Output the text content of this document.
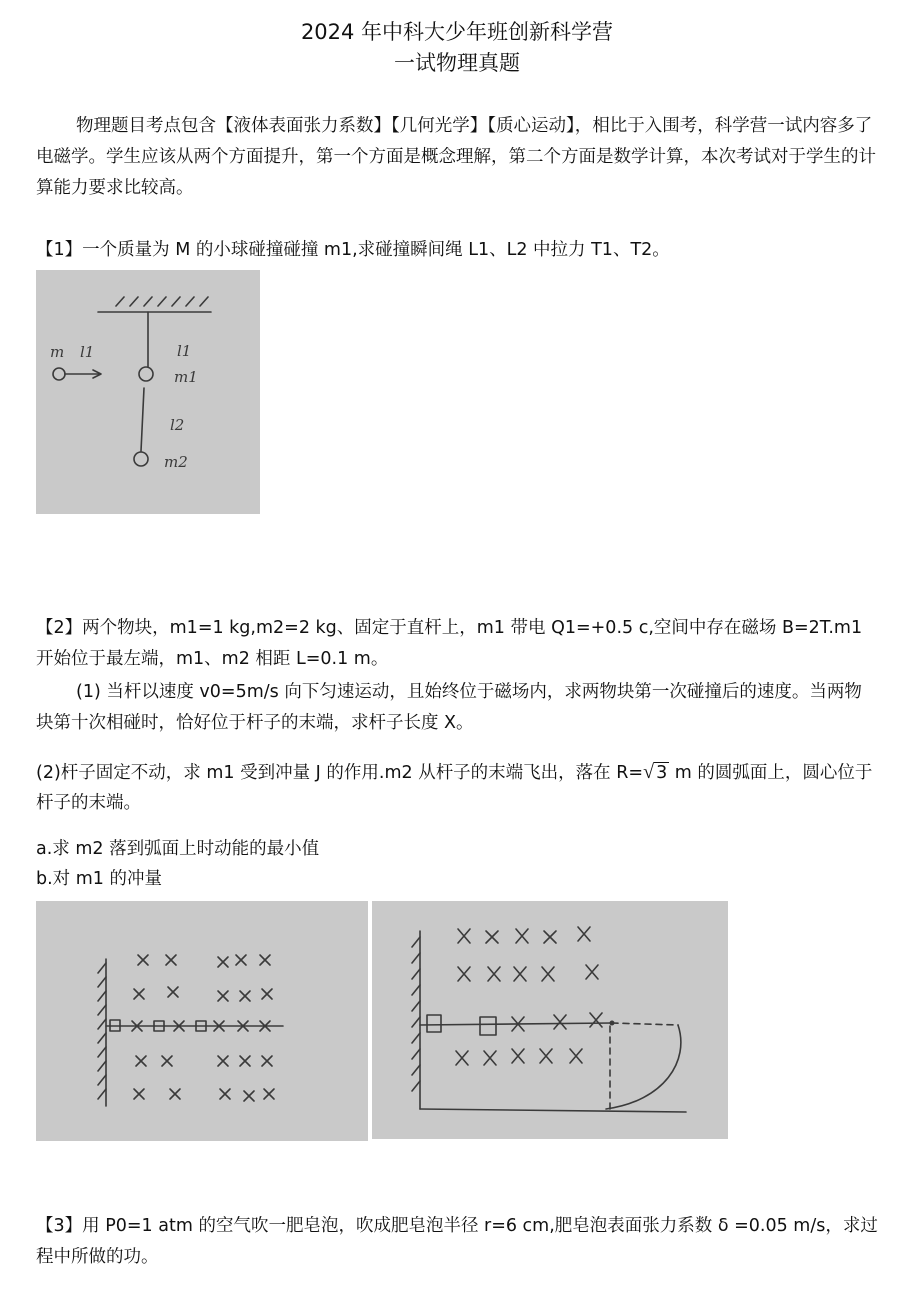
2024 年中科大少年班创新科学营
一试物理真题

物理题目考点包含【液体表面张力系数】【几何光学】【质心运动】，相比于入围考，科学营一试内容多了电磁学。学生应该从两个方面提升，第一个方面是概念理解，第二个方面是数学计算，本次考试对于学生的计算能力要求比较高。

【1】一个质量为 M 的小球碰撞碰撞 m1,求碰撞瞬间绳 L1、L2 中拉力 T1、T2。

m l1	l1
m1
l2
m2

【2】两个物块，m1=1 kg,m2=2 kg、固定于直杆上，m1 带电 Q1=+0.5 c,空间中存在磁场 B=2T.m1 开始位于最左端，m1、m2 相距 L=0.1 m。

(1) 当杆以速度 v0=5m/s 向下匀速运动，且始终位于磁场内，求两物块第一次碰撞后的速度。当两物块第十次相碰时，恰好位于杆子的末端，求杆子长度 X。

(2)杆子固定不动，求 m1 受到冲量 J 的作用.m2 从杆子的末端飞出，落在 R=√ 3 m 的圆弧面上，圆心位于杆子的末端。

a.求 m2 落到弧面上时动能的最小值

b.对 m1 的冲量

【3】用 P0=1 atm 的空气吹一肥皂泡，吹成肥皂泡半径 r=6 cm,肥皂泡表面张力系数 δ =0.05 m/s，求过程中所做的功。
